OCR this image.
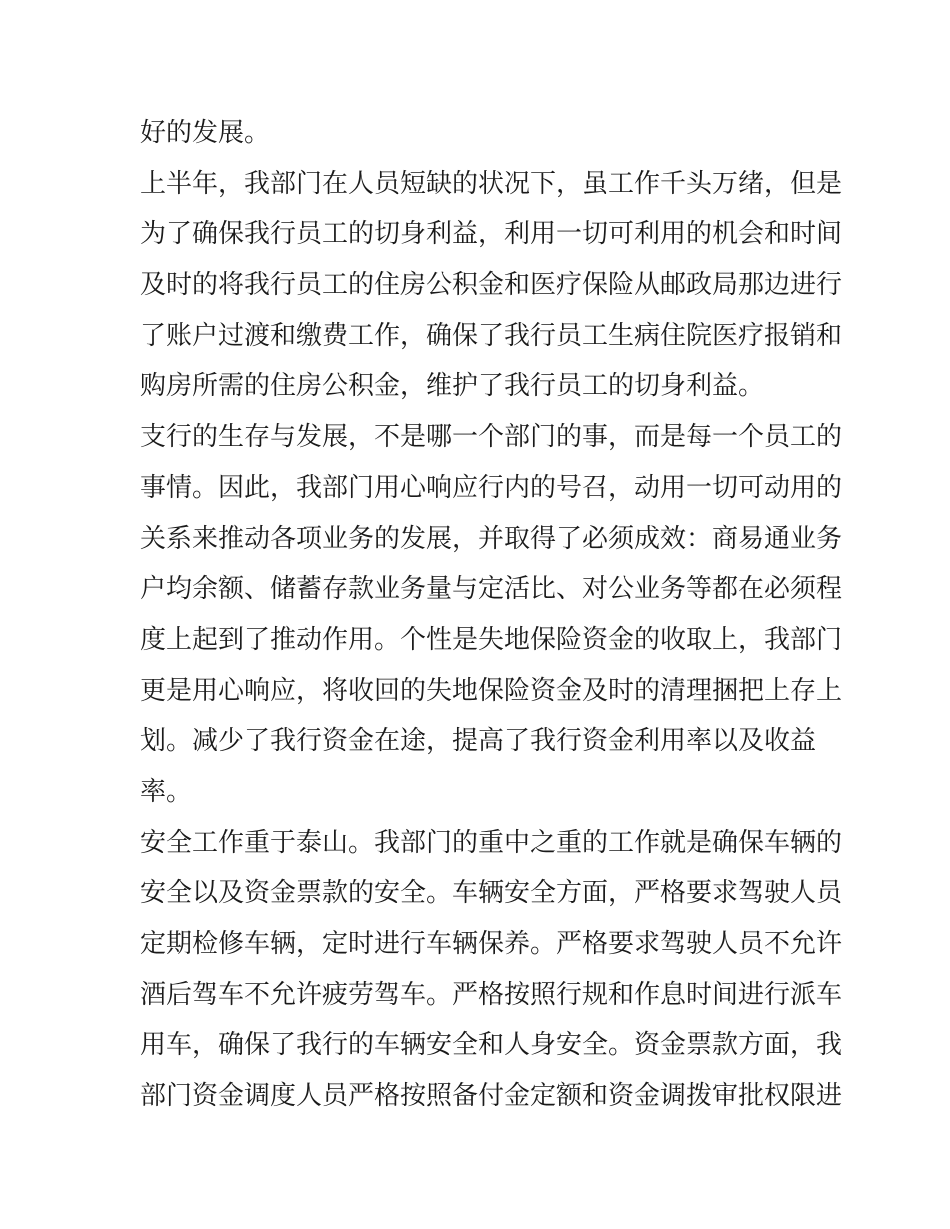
好的发展。
上半年，我部门在人员短缺的状况下，虽工作千头万绪，但是
为了确保我行员工的切身利益，利用一切可利用的机会和时间
及时的将我行员工的住房公积金和医疗保险从邮政局那边进行
了账户过渡和缴费工作，确保了我行员工生病住院医疗报销和
购房所需的住房公积金，维护了我行员工的切身利益。
支行的生存与发展，不是哪一个部门的事，而是每一个员工的
事情。因此，我部门用心响应行内的号召，动用一切可动用的
关系来推动各项业务的发展，并取得了必须成效：商易通业务
户均余额、储蓄存款业务量与定活比、对公业务等都在必须程
度上起到了推动作用。个性是失地保险资金的收取上，我部门
更是用心响应，将收回的失地保险资金及时的清理捆把上存上
划。减少了我行资金在途，提高了我行资金利用率以及收益
率。
安全工作重于泰山。我部门的重中之重的工作就是确保车辆的
安全以及资金票款的安全。车辆安全方面，严格要求驾驶人员
定期检修车辆，定时进行车辆保养。严格要求驾驶人员不允许
酒后驾车不允许疲劳驾车。严格按照行规和作息时间进行派车
用车，确保了我行的车辆安全和人身安全。资金票款方面，我
部门资金调度人员严格按照备付金定额和资金调拨审批权限进
